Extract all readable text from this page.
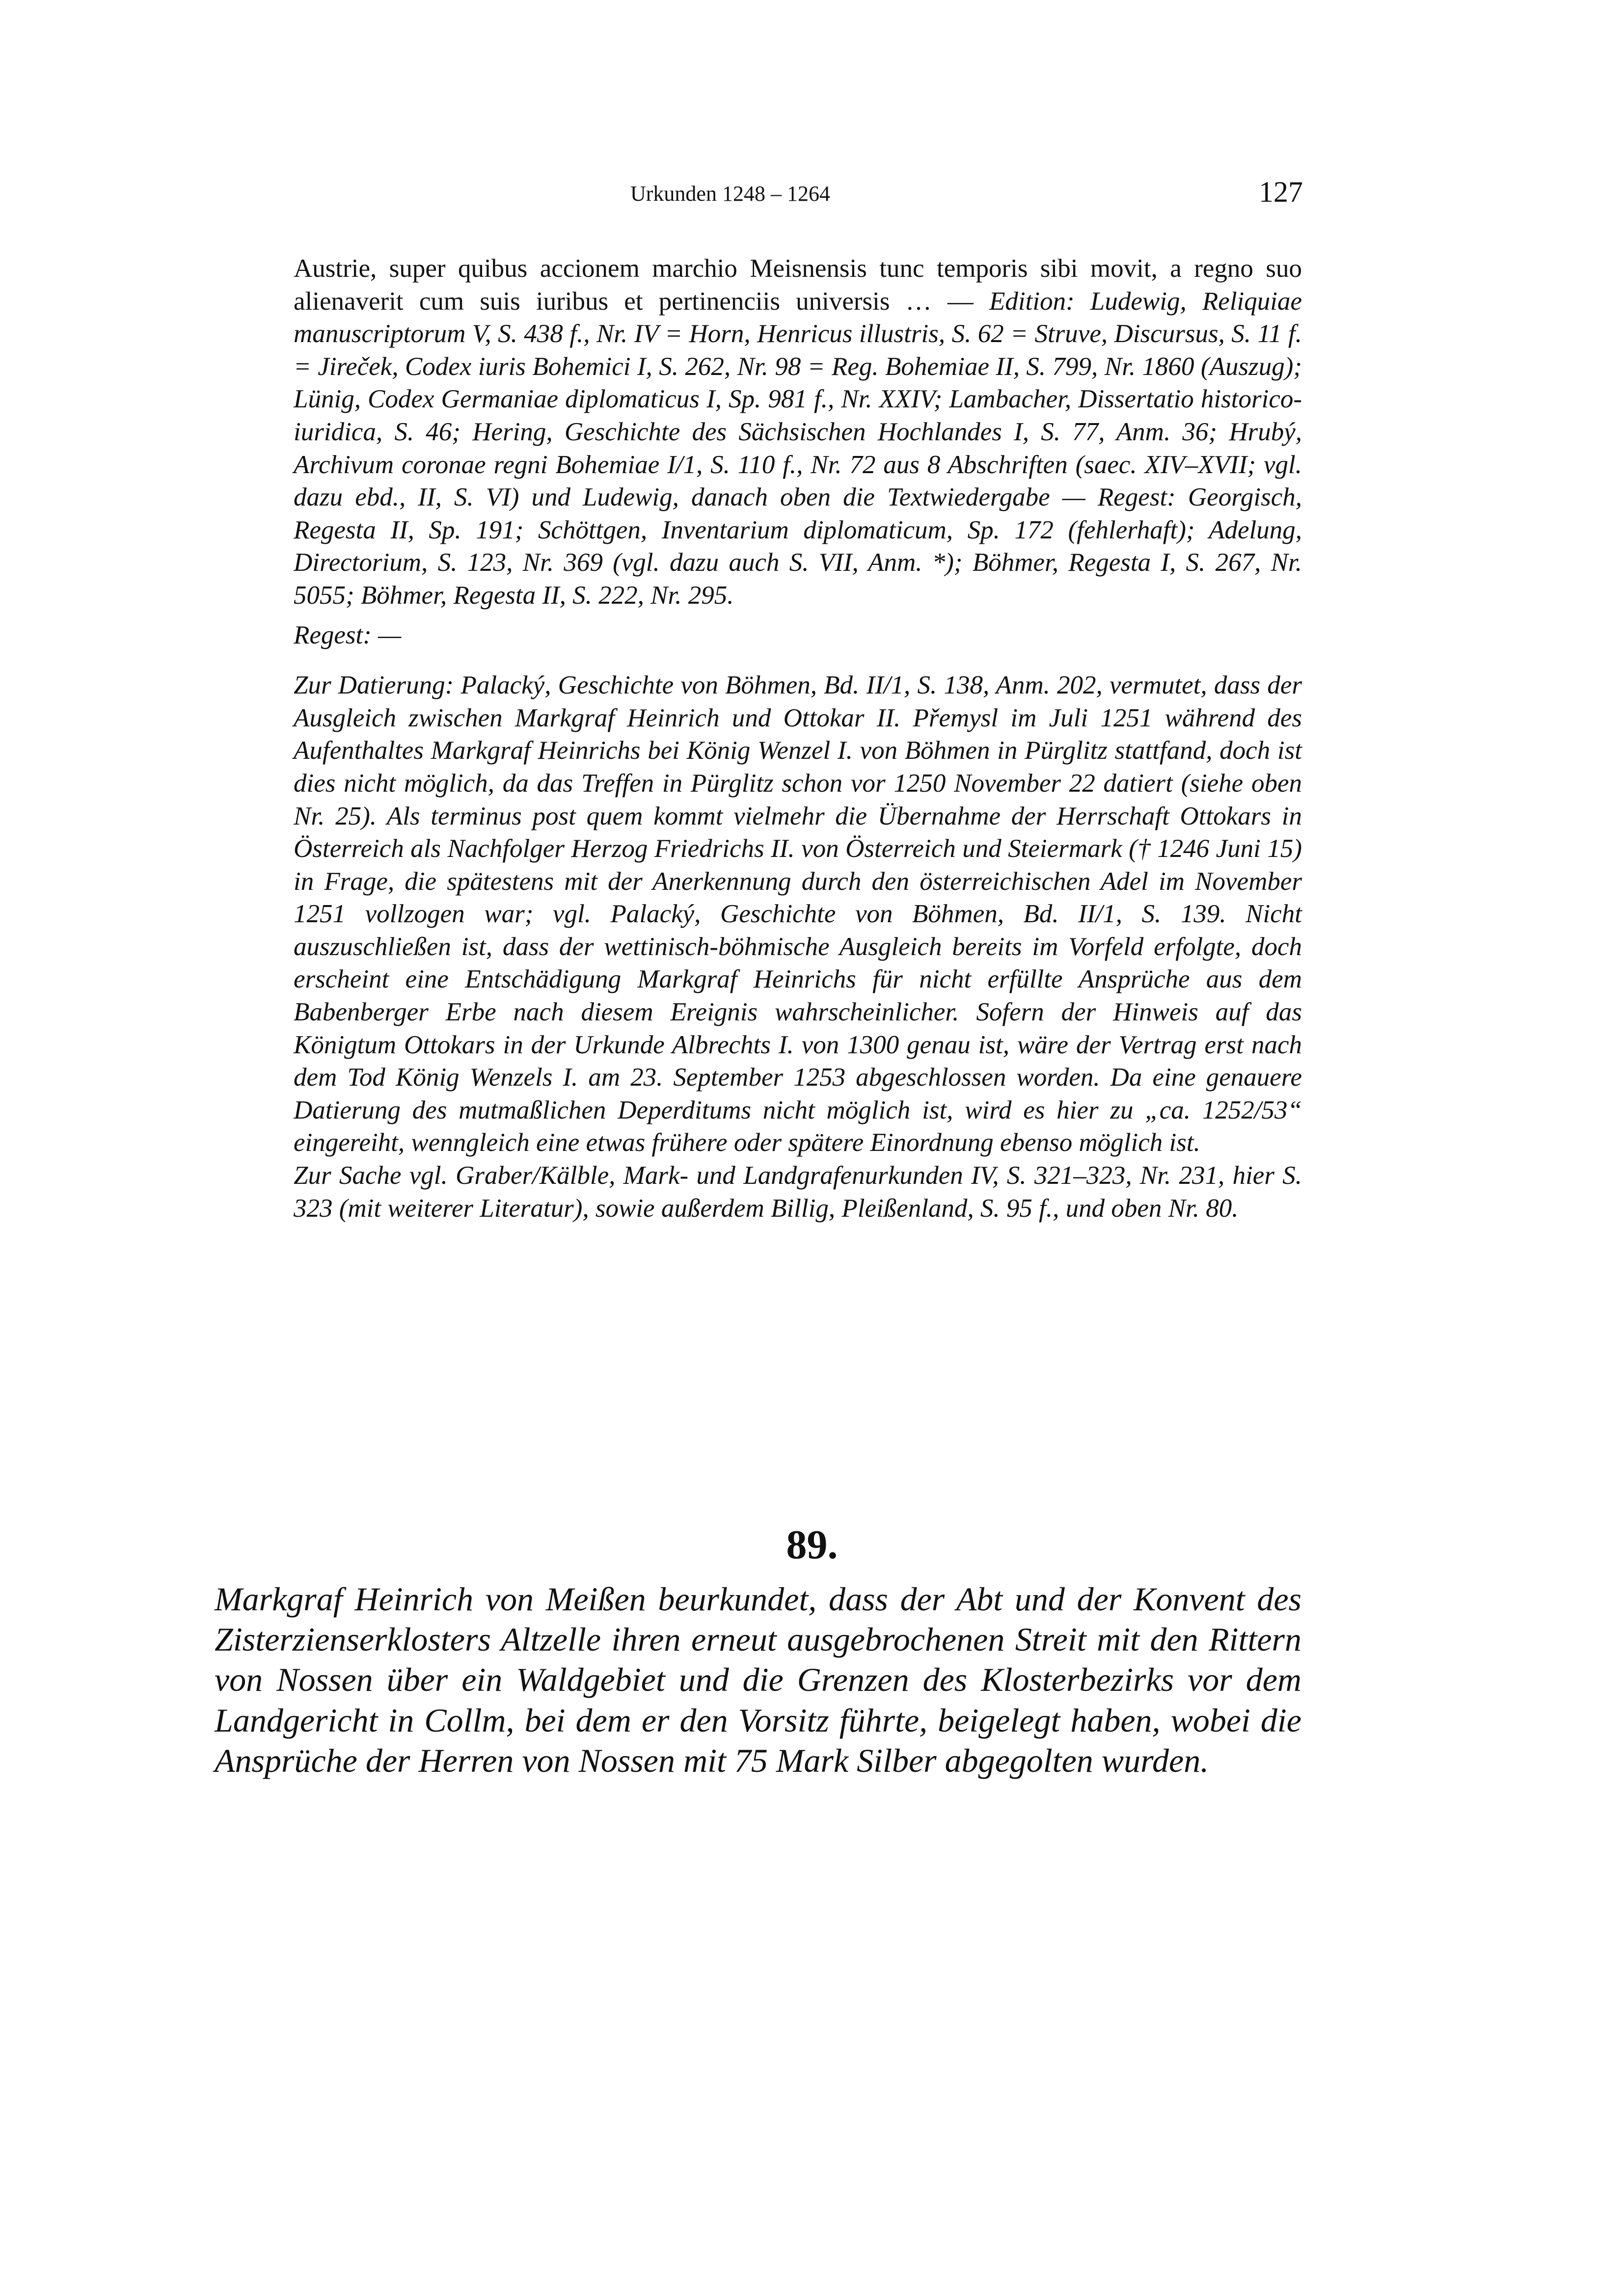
Urkunden 1248 – 1264	127

Austrie, super quibus accionem marchio Meisnensis tunc temporis sibi movit, a regno suo alienaverit cum suis iuribus et pertinenciis universis … — Edition: Ludewig, Reliquiae manuscriptorum V, S. 438 f., Nr. IV = Horn, Henricus illustris, S. 62 = Struve, Discursus, S. 11 f. = Jireček, Codex iuris Bohemici I, S. 262, Nr. 98 = Reg. Bohemiae II, S. 799, Nr. 1860 (Auszug); Lünig, Codex Germaniae diplomaticus I, Sp. 981 f., Nr. XXIV; Lambacher, Dissertatio historico-iuridica, S. 46; Hering, Geschichte des Sächsischen Hochlandes I, S. 77, Anm. 36; Hrubý, Archivum coronae regni Bohemiae I/1, S. 110 f., Nr. 72 aus 8 Abschriften (saec. XIV–XVII; vgl. dazu ebd., II, S. VI) und Ludewig, danach oben die Textwiedergabe — Regest: Georgisch, Regesta II, Sp. 191; Schöttgen, Inventarium diplomaticum, Sp. 172 (fehlerhaft); Adelung, Directorium, S. 123, Nr. 369 (vgl. dazu auch S. VII, Anm. *); Böhmer, Regesta I, S. 267, Nr. 5055; Böhmer, Regesta II, S. 222, Nr. 295.

Regest: —

Zur Datierung: Palacký, Geschichte von Böhmen, Bd. II/1, S. 138, Anm. 202, vermutet, dass der Ausgleich zwischen Markgraf Heinrich und Ottokar II. Přemysl im Juli 1251 während des Aufenthaltes Markgraf Heinrichs bei König Wenzel I. von Böhmen in Pürglitz stattfand, doch ist dies nicht möglich, da das Treffen in Pürglitz schon vor 1250 November 22 datiert (siehe oben Nr. 25). Als terminus post quem kommt vielmehr die Übernahme der Herrschaft Ottokars in Österreich als Nachfolger Herzog Friedrichs II. von Österreich und Steiermark († 1246 Juni 15) in Frage, die spätestens mit der Anerkennung durch den österreichischen Adel im November 1251 vollzogen war; vgl. Palacký, Geschichte von Böhmen, Bd. II/1, S. 139. Nicht auszuschließen ist, dass der wettinisch-böhmische Ausgleich bereits im Vorfeld erfolgte, doch erscheint eine Entschädigung Markgraf Heinrichs für nicht erfüllte Ansprüche aus dem Babenberger Erbe nach diesem Ereignis wahrscheinlicher. Sofern der Hinweis auf das Königtum Ottokars in der Urkunde Albrechts I. von 1300 genau ist, wäre der Vertrag erst nach dem Tod König Wenzels I. am 23. September 1253 abgeschlossen worden. Da eine genauere Datierung des mutmaßlichen Deperditums nicht möglich ist, wird es hier zu „ca. 1252/53“ eingereiht, wenngleich eine etwas frühere oder spätere Einordnung ebenso möglich ist.

Zur Sache vgl. Graber/Kälble, Mark- und Landgrafenurkunden IV, S. 321–323, Nr. 231, hier S. 323 (mit weiterer Literatur), sowie außerdem Billig, Pleißenland, S. 95 f., und oben Nr. 80.

89.

Markgraf Heinrich von Meißen beurkundet, dass der Abt und der Konvent des Zisterzienserklosters Altzelle ihren erneut ausgebrochenen Streit mit den Rittern von Nossen über ein Waldgebiet und die Grenzen des Klosterbezirks vor dem Landgericht in Collm, bei dem er den Vorsitz führte, beigelegt haben, wobei die Ansprüche der Herren von Nossen mit 75 Mark Silber abgegolten wurden.
